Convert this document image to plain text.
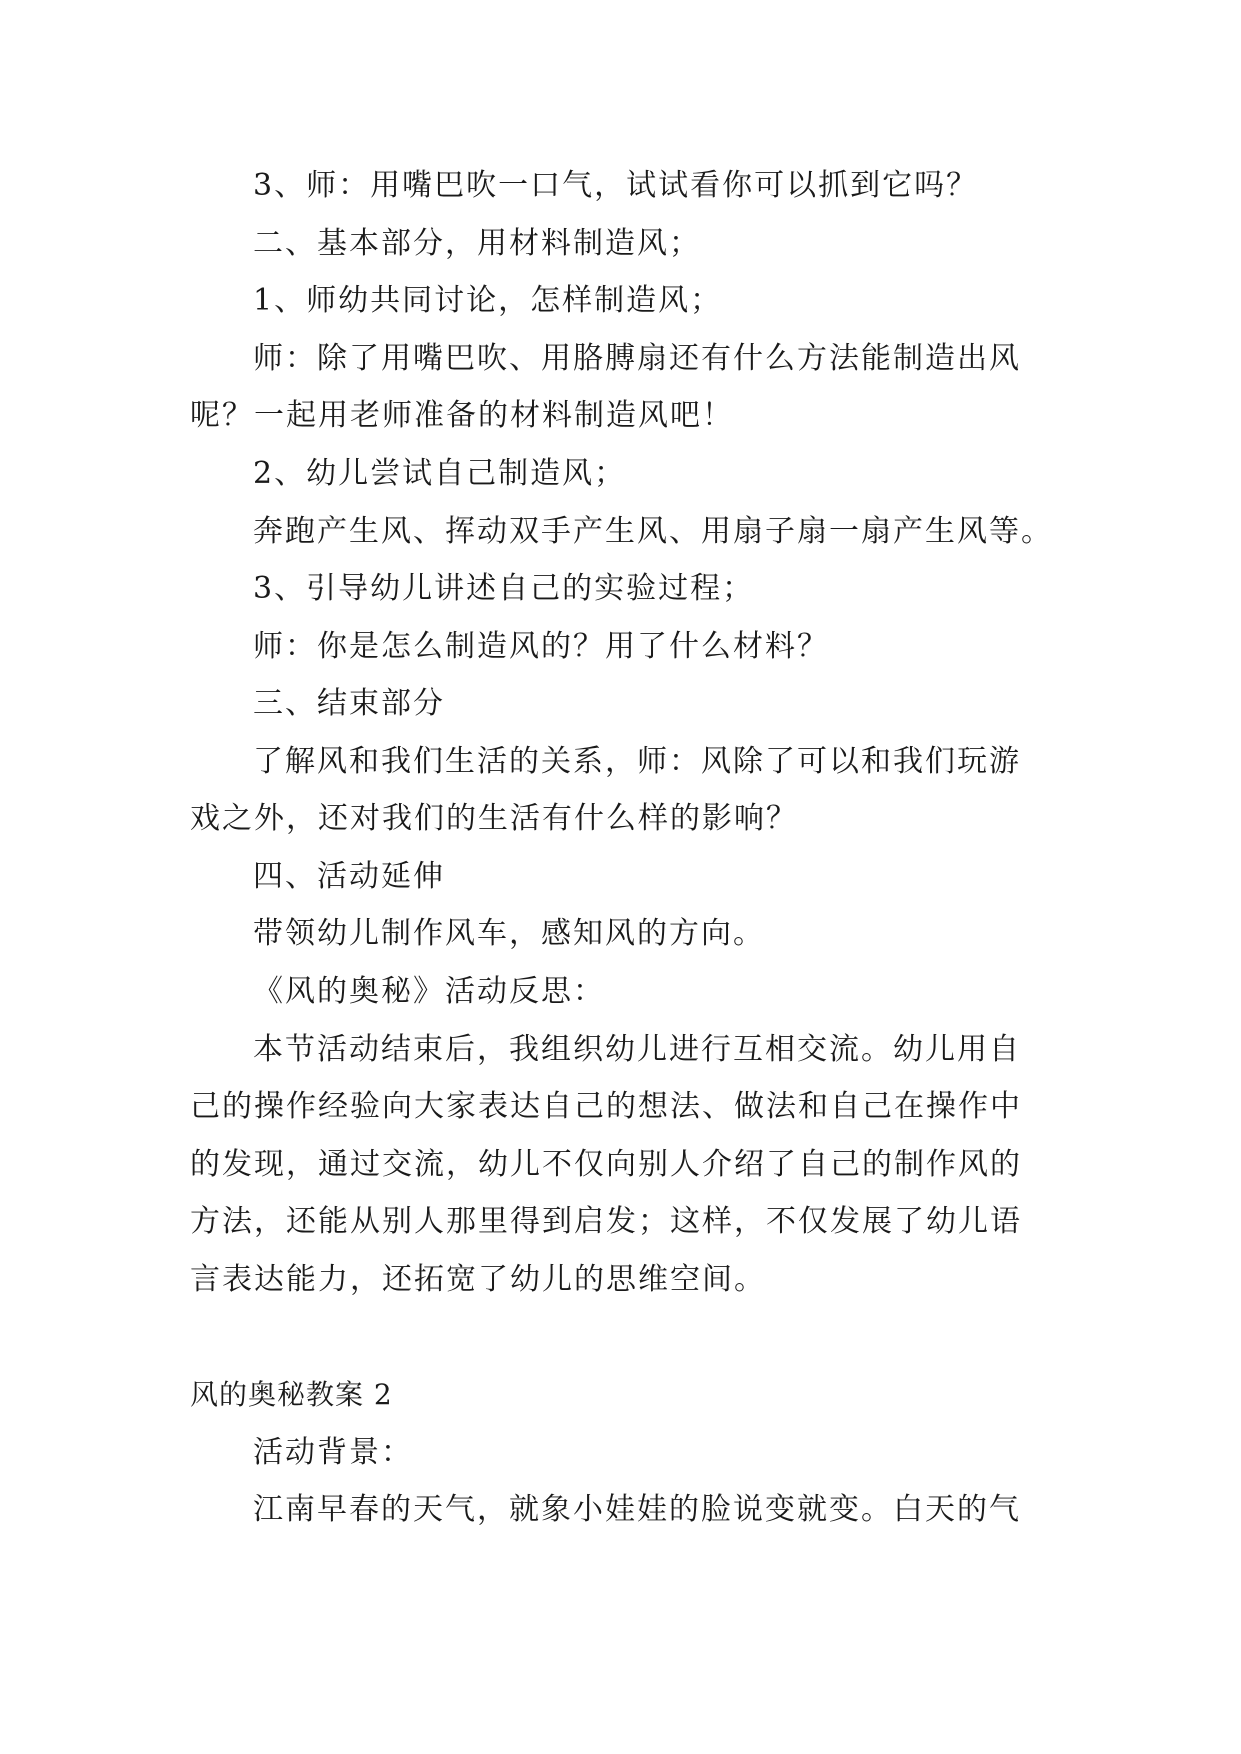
3、师：用嘴巴吹一口气，试试看你可以抓到它吗？
二、基本部分，用材料制造风；
1、师幼共同讨论，怎样制造风；
师：除了用嘴巴吹、用胳膊扇还有什么方法能制造出风
呢？一起用老师准备的材料制造风吧！
2、幼儿尝试自己制造风；
奔跑产生风、挥动双手产生风、用扇子扇一扇产生风等。
3、引导幼儿讲述自己的实验过程；
师：你是怎么制造风的？用了什么材料？
三、结束部分
了解风和我们生活的关系，师：风除了可以和我们玩游
戏之外，还对我们的生活有什么样的影响？
四、活动延伸
带领幼儿制作风车，感知风的方向。
《风的奥秘》活动反思：
本节活动结束后，我组织幼儿进行互相交流。幼儿用自
己的操作经验向大家表达自己的想法、做法和自己在操作中
的发现，通过交流，幼儿不仅向别人介绍了自己的制作风的
方法，还能从别人那里得到启发；这样，不仅发展了幼儿语
言表达能力，还拓宽了幼儿的思维空间。
风的奥秘教案 2
活动背景：
江南早春的天气，就象小娃娃的脸说变就变。白天的气
